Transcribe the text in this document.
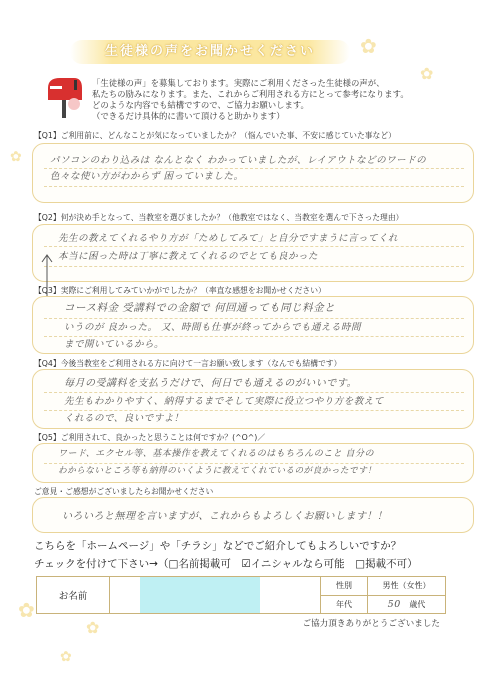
✿
✿
✿
✿
✿
✿
生徒様の声をお聞かせください
「生徒様の声」を募集しております。実際にご利用くださった生徒様の声が、
私たちの励みになります。また、これからご利用される方にとって参考になります。
どのような内容でも結構ですので、ご協力お願いします。
（できるだけ具体的に書いて頂けると助かります）
【Q1】ご利用前に、どんなことが気になっていましたか？（悩んでいた事、不安に感じていた事など）
パソコンのわり込みは なんとなく わかっていましたが、レイアウトなどのワードの
色々な使い方がわからず 困っていました。
【Q2】何が決め手となって、当教室を選びましたか？（他教室ではなく、当教室を選んで下さった理由）
先生の教えてくれるやり方が「ためしてみて」と自分ですまうに言ってくれ
本当に困った時は丁寧に教えてくれるのでとても良かった
【Q3】実際にご利用してみていかがでしたか？（率直な感想をお聞かせください）
コース料金 受講料での金額で 何回通っても同じ料金と
いうのが 良かった。 又、時間も仕事が終ってからでも通える時間
まで開いているから。
【Q4】今後当教室をご利用される方に向けて一言お願い致します（なんでも結構です）
毎月の受講料を支払うだけで、何日でも通えるのがいいです。
先生もわかりやすく、納得するまでそして実際に役立つやり方を教えて
くれるので、良いですよ！
【Q5】ご利用されて、良かったと思うことは何ですか？(^O^)／
ワード、エクセル等、基本操作を教えてくれるのはもちろんのこと 自分の
わからないところ等も納得のいくように教えてくれているのが良かったです！
ご意見・ご感想がございましたらお聞かせください
いろいろと無理を言いますが、これからもよろしくお願いします！！
こちらを「ホームページ」や「チラシ」などでご紹介してもよろしいですか？
チェックを付けて下さい→（□名前掲載可　☑イニシャルなら可能　□掲載不可）
お名前		性別	男性（女性）
		年代	50 歳代
ご協力頂きありがとうございました
